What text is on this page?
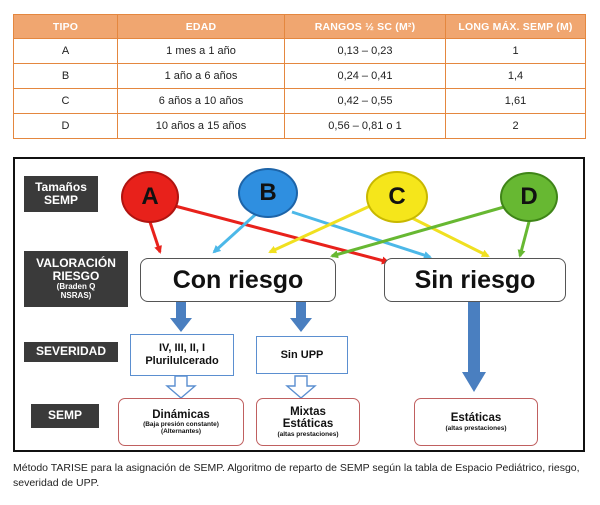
TIPO	EDAD	RANGOS ½ SC (M²)	LONG MÁX. SEMP (M)
A	1 mes a 1 año	0,13 – 0,23	1
B	1 año a 6 años	0,24 – 0,41	1,4
C	6 años a 10 años	0,42 – 0,55	1,61
D	10 años a 15 años	0,56 – 0,81 o 1	2
Tamaños SEMP
VALORACIÓN RIESGO
(Braden Q NSRAS)
SEVERIDAD
SEMP
A	B	C	D
Con riesgo	Sin riesgo
IV, III, II, I
Plurilulcerado
Sin UPP
Dinámicas
(Baja presión constante)
(Alternantes)
Mixtas
Estáticas
(altas prestaciones)
Estáticas
(altas prestaciones)
Método TARISE para la asignación de SEMP. Algoritmo de reparto de SEMP según la tabla de Espacio Pediátrico, riesgo, severidad de UPP.
